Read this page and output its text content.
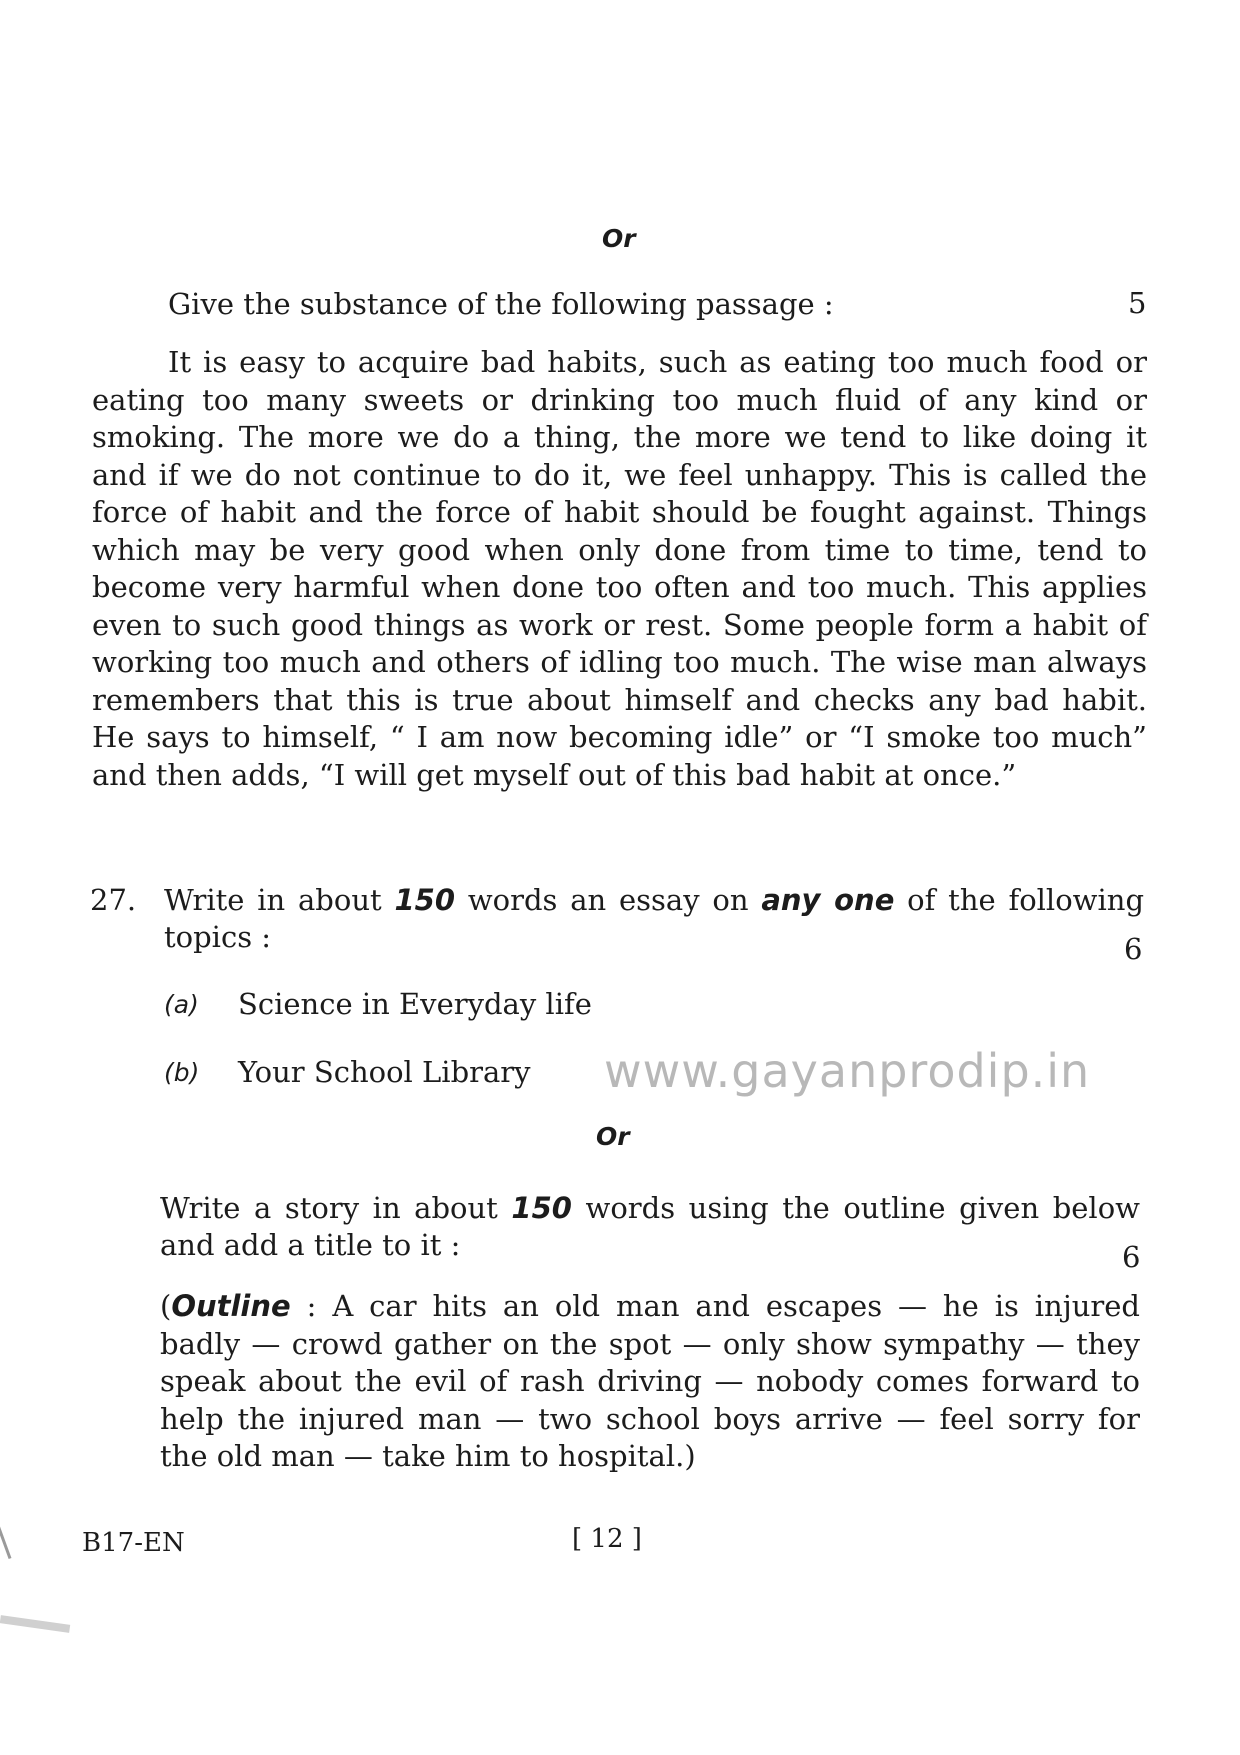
Or
Give the substance of the following passage :	5
It is easy to acquire bad habits, such as eating too much food or eating too many sweets or drinking too much fluid of any kind or smoking. The more we do a thing, the more we tend to like doing it and if we do not continue to do it, we feel unhappy. This is called the force of habit and the force of habit should be fought against. Things which may be very good when only done from time to time, tend to become very harmful when done too often and too much. This applies even to such good things as work or rest. Some people form a habit of working too much and others of idling too much. The wise man always remembers that this is true about himself and checks any bad habit. He says to himself, “ I am now becoming idle” or “I smoke too much” and then adds, “I will get myself out of this bad habit at once.”
27. Write in about 150 words an essay on any one of the following topics :	6
(a) Science in Everyday life
(b) Your School Library www.gayanprodip.in
Or
Write a story in about 150 words using the outline given below and add a title to it :	6
(Outline : A car hits an old man and escapes — he is injured badly — crowd gather on the spot — only show sympathy — they speak about the evil of rash driving — nobody comes forward to help the injured man — two school boys arrive — feel sorry for the old man — take him to hospital.)
B17-EN	[ 12 ]
